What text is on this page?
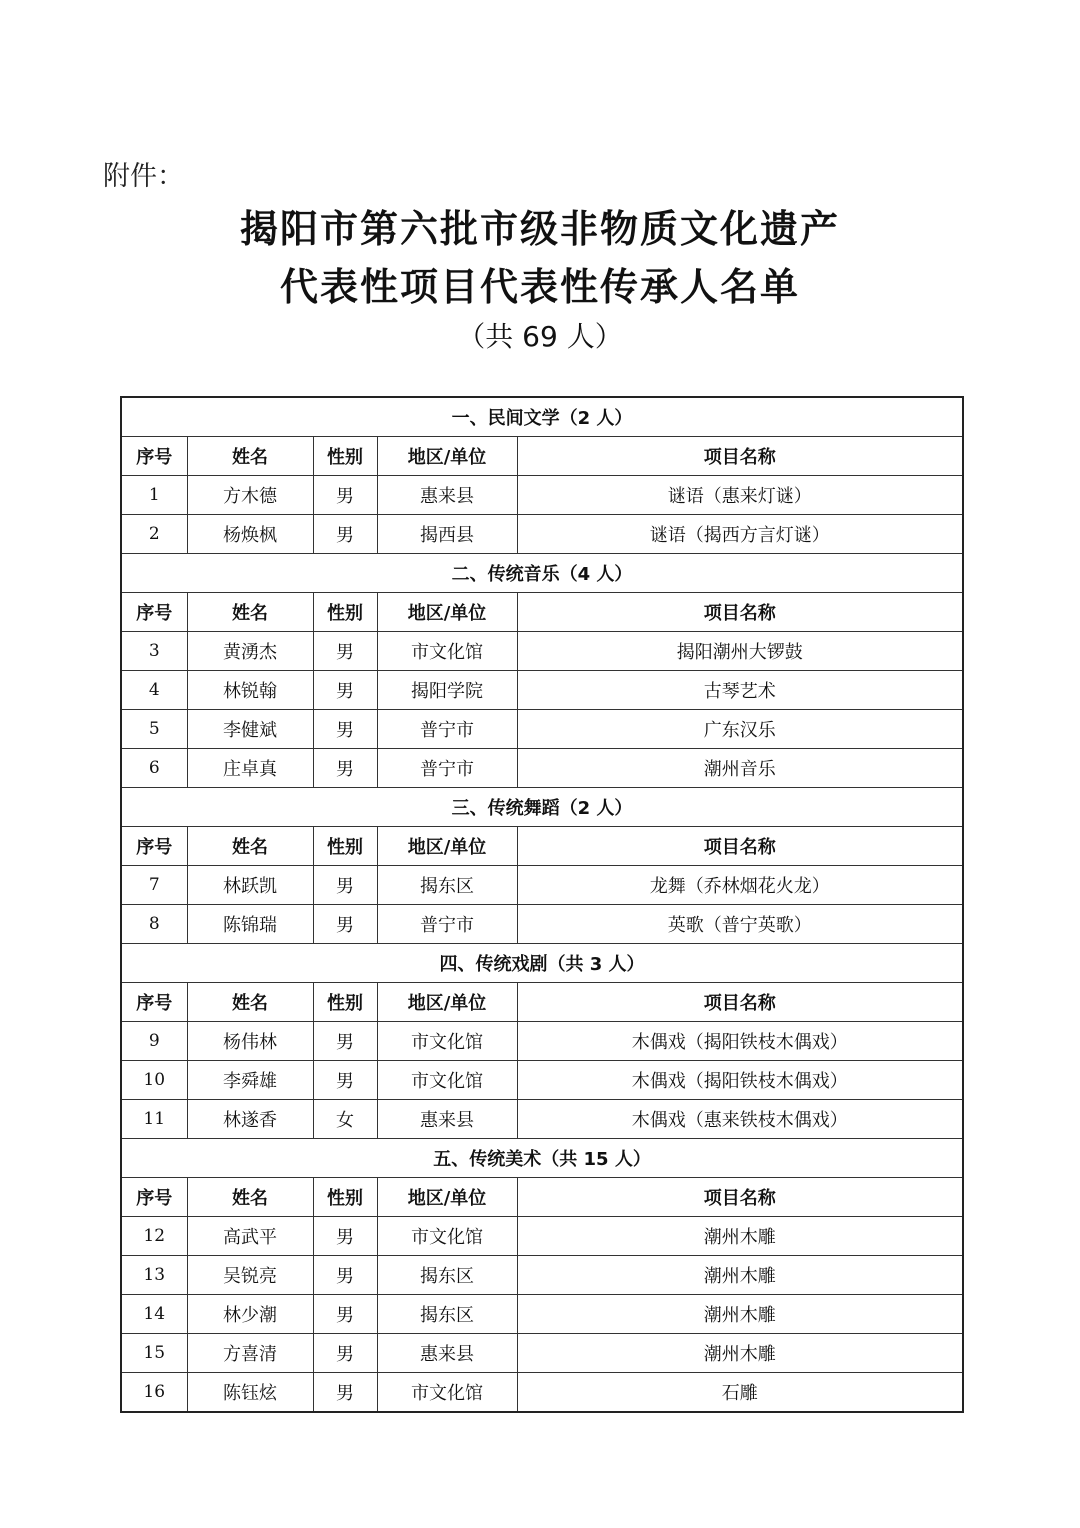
附件：
揭阳市第六批市级非物质文化遗产
代表性项目代表性传承人名单
（共 69 人）
一、民间文学（2 人）				
序号	姓名	性别	地区/单位	项目名称
1	方木德	男	惠来县	谜语（惠来灯谜）
2	杨焕枫	男	揭西县	谜语（揭西方言灯谜）
二、传统音乐（4 人）				
序号	姓名	性别	地区/单位	项目名称
3	黄湧杰	男	市文化馆	揭阳潮州大锣鼓
4	林锐翰	男	揭阳学院	古琴艺术
5	李健斌	男	普宁市	广东汉乐
6	庄卓真	男	普宁市	潮州音乐
三、传统舞蹈（2 人）				
序号	姓名	性别	地区/单位	项目名称
7	林跃凯	男	揭东区	龙舞（乔林烟花火龙）
8	陈锦瑞	男	普宁市	英歌（普宁英歌）
四、传统戏剧（共 3 人）				
序号	姓名	性别	地区/单位	项目名称
9	杨伟林	男	市文化馆	木偶戏（揭阳铁枝木偶戏）
10	李舜雄	男	市文化馆	木偶戏（揭阳铁枝木偶戏）
11	林遂香	女	惠来县	木偶戏（惠来铁枝木偶戏）
五、传统美术（共 15 人）				
序号	姓名	性别	地区/单位	项目名称
12	高武平	男	市文化馆	潮州木雕
13	吴锐亮	男	揭东区	潮州木雕
14	林少潮	男	揭东区	潮州木雕
15	方喜清	男	惠来县	潮州木雕
16	陈钰炫	男	市文化馆	石雕
